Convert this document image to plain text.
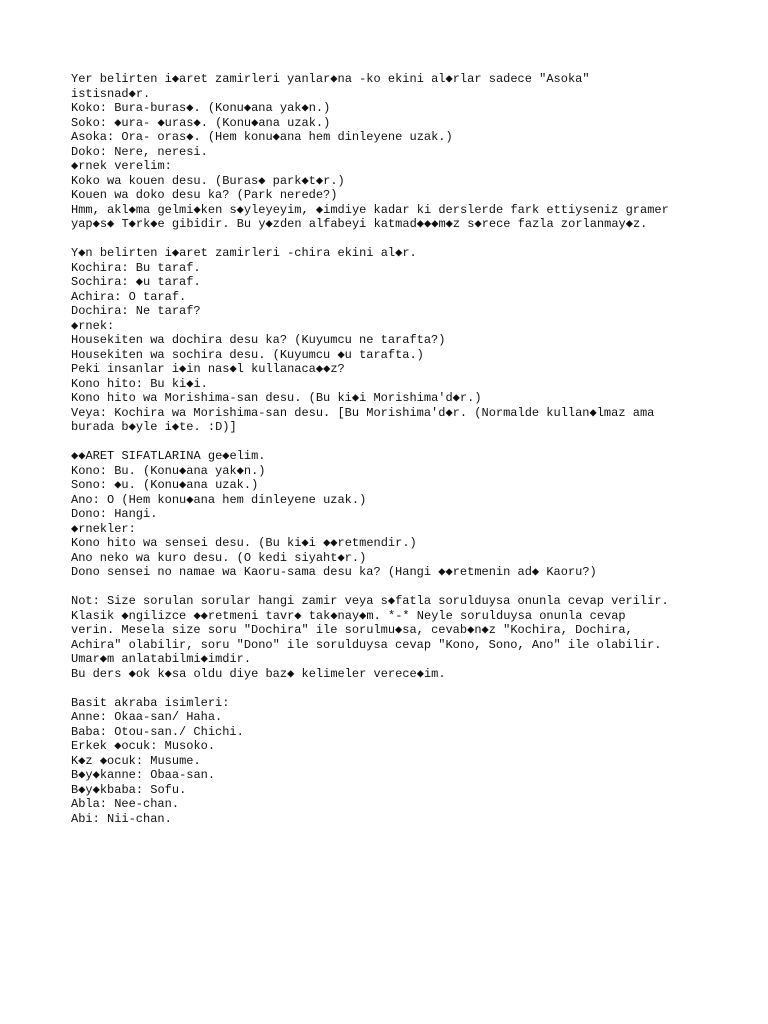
Yer belirten i◆aret zamirleri yanlar◆na -ko ekini al◆rlar sadece "Asoka"
istisnad◆r.
Koko: Bura-buras◆. (Konu◆ana yak◆n.)
Soko: ◆ura- ◆uras◆. (Konu◆ana uzak.)
Asoka: Ora- oras◆. (Hem konu◆ana hem dinleyene uzak.)
Doko: Nere, neresi.
◆rnek verelim:
Koko wa kouen desu. (Buras◆ park◆t◆r.)
Kouen wa doko desu ka? (Park nerede?)
Hmm, akl◆ma gelmi◆ken s◆yleyeyim, ◆imdiye kadar ki derslerde fark ettiyseniz gramer
yap◆s◆ T◆rk◆e gibidir. Bu y◆zden alfabeyi katmad◆◆◆m◆z s◆rece fazla zorlanmay◆z.
Y◆n belirten i◆aret zamirleri -chira ekini al◆r.
Kochira: Bu taraf.
Sochira: ◆u taraf.
Achira: O taraf.
Dochira: Ne taraf?
◆rnek:
Housekiten wa dochira desu ka? (Kuyumcu ne tarafta?)
Housekiten wa sochira desu. (Kuyumcu ◆u tarafta.)
Peki insanlar i◆in nas◆l kullanaca◆◆z?
Kono hito: Bu ki◆i.
Kono hito wa Morishima-san desu. (Bu ki◆i Morishima'd◆r.)
Veya: Kochira wa Morishima-san desu. [Bu Morishima'd◆r. (Normalde kullan◆lmaz ama
burada b◆yle i◆te. :D)]
◆◆ARET SIFATLARINA ge◆elim.
Kono: Bu. (Konu◆ana yak◆n.)
Sono: ◆u. (Konu◆ana uzak.)
Ano: O (Hem konu◆ana hem dinleyene uzak.)
Dono: Hangi.
◆rnekler:
Kono hito wa sensei desu. (Bu ki◆i ◆◆retmendir.)
Ano neko wa kuro desu. (O kedi siyaht◆r.)
Dono sensei no namae wa Kaoru-sama desu ka? (Hangi ◆◆retmenin ad◆ Kaoru?)
Not: Size sorulan sorular hangi zamir veya s◆fatla sorulduysa onunla cevap verilir.
Klasik ◆ngilizce ◆◆retmeni tavr◆ tak◆nay◆m. *-* Neyle sorulduysa onunla cevap
verin. Mesela size soru "Dochira" ile sorulmu◆sa, cevab◆n◆z "Kochira, Dochira,
Achira" olabilir, soru "Dono" ile sorulduysa cevap "Kono, Sono, Ano" ile olabilir.
Umar◆m anlatabilmi◆imdir.
Bu ders ◆ok k◆sa oldu diye baz◆ kelimeler verece◆im.
Basit akraba isimleri:
Anne: Okaa-san/ Haha.
Baba: Otou-san./ Chichi.
Erkek ◆ocuk: Musoko.
K◆z ◆ocuk: Musume.
B◆y◆kanne: Obaa-san.
B◆y◆kbaba: Sofu.
Abla: Nee-chan.
Abi: Nii-chan.
